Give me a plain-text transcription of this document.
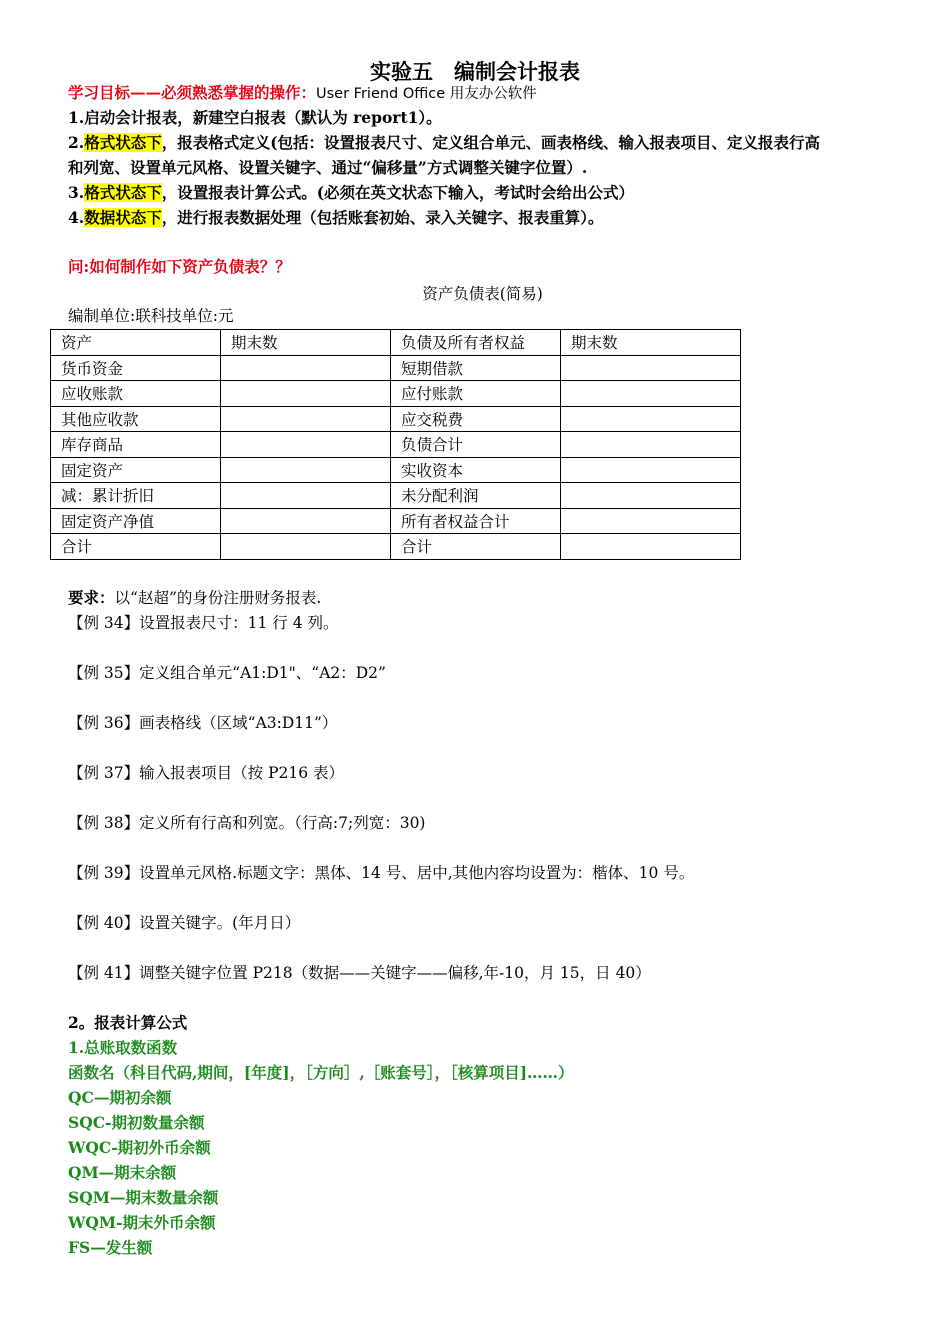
实验五　编制会计报表
学习目标——必须熟悉掌握的操作：User Friend Office 用友办公软件
1.启动会计报表，新建空白报表（默认为 report1）。
2.格式状态下，报表格式定义(包括：设置报表尺寸、定义组合单元、画表格线、输入报表项目、定义报表行高
和列宽、设置单元风格、设置关键字、通过“偏移量”方式调整关键字位置）.
3.格式状态下，设置报表计算公式。(必须在英文状态下输入，考试时会给出公式）
4.数据状态下，进行报表数据处理（包括账套初始、录入关键字、报表重算）。
问:如何制作如下资产负债表？？
资产负债表(简易)
编制单位:联科技单位:元
资产	期末数	负债及所有者权益	期末数
货币资金		短期借款	
应收账款		应付账款	
其他应收款		应交税费	
库存商品		负债合计	
固定资产		实收资本	
减：累计折旧		未分配利润	
固定资产净值		所有者权益合计	
合计		合计	
要求：以“赵超”的身份注册财务报表.
【例 34】设置报表尺寸：11 行 4 列。
【例 35】定义组合单元“A1:D1"、“A2：D2”
【例 36】画表格线（区域“A3:D11”）
【例 37】输入报表项目（按 P216 表）
【例 38】定义所有行高和列宽。（行高:7;列宽：30)
【例 39】设置单元风格.标题文字：黑体、14 号、居中,其他内容均设置为：楷体、10 号。
【例 40】设置关键字。(年月日）
【例 41】调整关键字位置 P218（数据——关键字——偏移,年-10，月 15，日 40）
2。报表计算公式
1.总账取数函数
函数名（科目代码,期间，[年度]，［方向］,［账套号］，［核算项目]……）
QC—期初余额
SQC-期初数量余额
WQC-期初外币余额
QM—期末余额
SQM—期末数量余额
WQM-期末外币余额
FS—发生额
